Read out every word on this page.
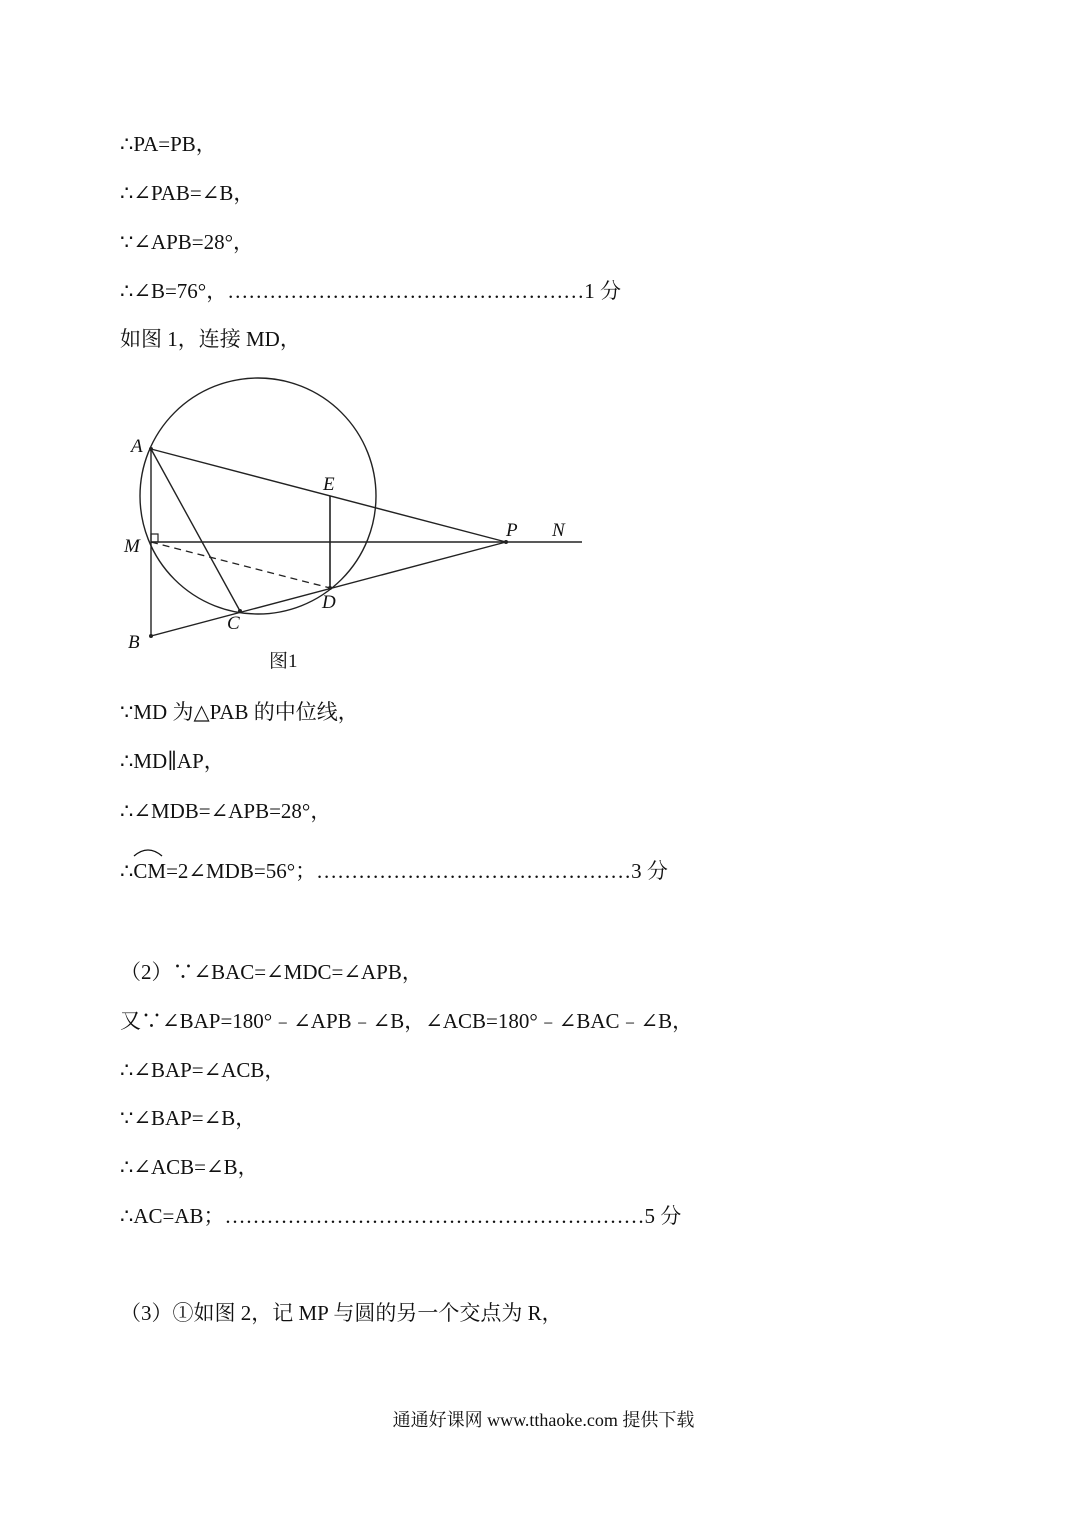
∴PA=PB，
∴∠PAB=∠B，
∵∠APB=28°，
∴∠B=76°，……………………………………………1 分
如图 1，连接 MD，
A
E
P N
M
D
C
B
图1
∵MD 为△PAB 的中位线，
∴MD∥AP，
∴∠MDB=∠APB=28°，
∴
CM=2∠MDB=56°；………………………………………3 分
（2）∵∠BAC=∠MDC=∠APB，
又∵∠BAP=180°﹣∠APB﹣∠B，∠ACB=180°﹣∠BAC﹣∠B，
∴∠BAP=∠ACB，
∵∠BAP=∠B，
∴∠ACB=∠B，
∴AC=AB；……………………………………………………5 分
（3）①如图 2，记 MP 与圆的另一个交点为 R，
通通好课网 www.tthaoke.com 提供下载
